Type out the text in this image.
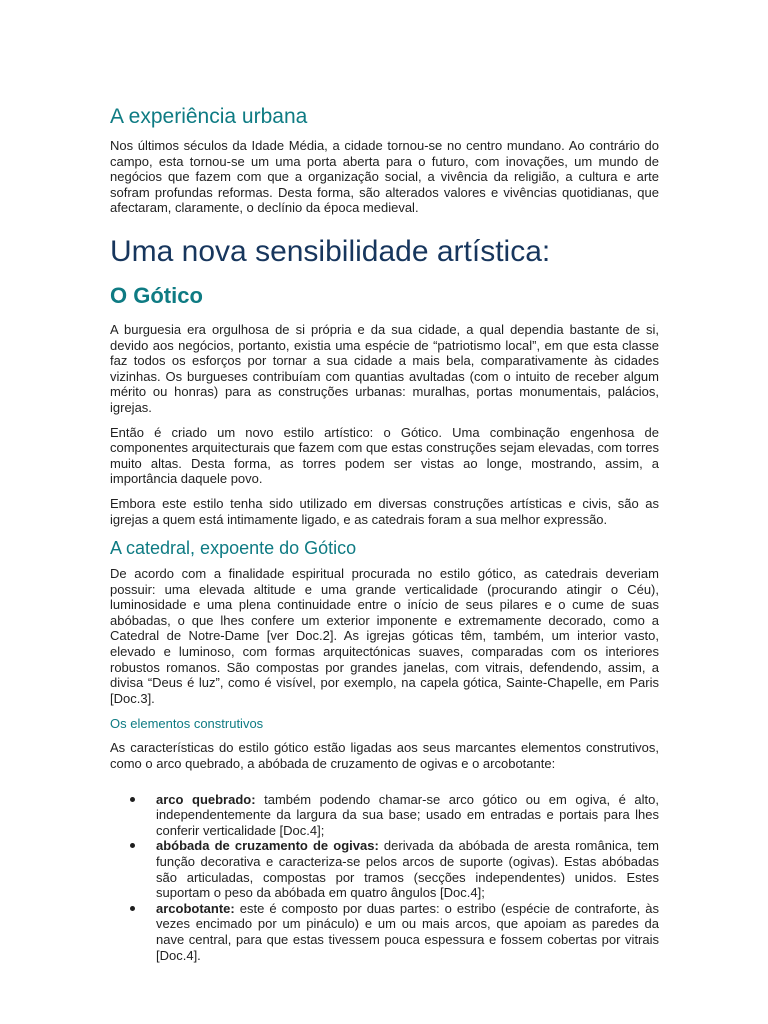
A experiência urbana

Nos últimos séculos da Idade Média, a cidade tornou-se no centro mundano. Ao contrário do campo, esta tornou-se um uma porta aberta para o futuro, com inovações, um mundo de negócios que fazem com que a organização social, a vivência da religião, a cultura e arte sofram profundas reformas. Desta forma, são alterados valores e vivências quotidianas, que afectaram, claramente, o declínio da época medieval.

Uma nova sensibilidade artística:
O Gótico

A burguesia era orgulhosa de si própria e da sua cidade, a qual dependia bastante de si, devido aos negócios, portanto, existia uma espécie de “patriotismo local”, em que esta classe faz todos os esforços por tornar a sua cidade a mais bela, comparativamente às cidades vizinhas. Os burgueses contribuíam com quantias avultadas (com o intuito de receber algum mérito ou honras) para as construções urbanas: muralhas, portas monumentais, palácios, igrejas.

Então é criado um novo estilo artístico: o Gótico. Uma combinação engenhosa de componentes arquitecturais que fazem com que estas construções sejam elevadas, com torres muito altas. Desta forma, as torres podem ser vistas ao longe, mostrando, assim, a importância daquele povo.

Embora este estilo tenha sido utilizado em diversas construções artísticas e civis, são as igrejas a quem está intimamente ligado, e as catedrais foram a sua melhor expressão.

A catedral, expoente do Gótico

De acordo com a finalidade espiritual procurada no estilo gótico, as catedrais deveriam possuir: uma elevada altitude e uma grande verticalidade (procurando atingir o Céu), luminosidade e uma plena continuidade entre o início de seus pilares e o cume de suas abóbadas, o que lhes confere um exterior imponente e extremamente decorado, como a Catedral de Notre-Dame [ver Doc.2]. As igrejas góticas têm, também, um interior vasto, elevado e luminoso, com formas arquitectónicas suaves, comparadas com os interiores robustos romanos. São compostas por grandes janelas, com vitrais, defendendo, assim, a divisa “Deus é luz”, como é visível, por exemplo, na capela gótica, Sainte-Chapelle, em Paris [Doc.3].

Os elementos construtivos

As características do estilo gótico estão ligadas aos seus marcantes elementos construtivos, como o arco quebrado, a abóbada de cruzamento de ogivas e o arcobotante:

arco quebrado: também podendo chamar-se arco gótico ou em ogiva, é alto, independentemente da largura da sua base; usado em entradas e portais para lhes conferir verticalidade [Doc.4];
abóbada de cruzamento de ogivas: derivada da abóbada de aresta românica, tem função decorativa e caracteriza-se pelos arcos de suporte (ogivas). Estas abóbadas são articuladas, compostas por tramos (secções independentes) unidos. Estes suportam o peso da abóbada em quatro ângulos [Doc.4];
arcobotante: este é composto por duas partes: o estribo (espécie de contraforte, às vezes encimado por um pináculo) e um ou mais arcos, que apoiam as paredes da nave central, para que estas tivessem pouca espessura e fossem cobertas por vitrais [Doc.4].
